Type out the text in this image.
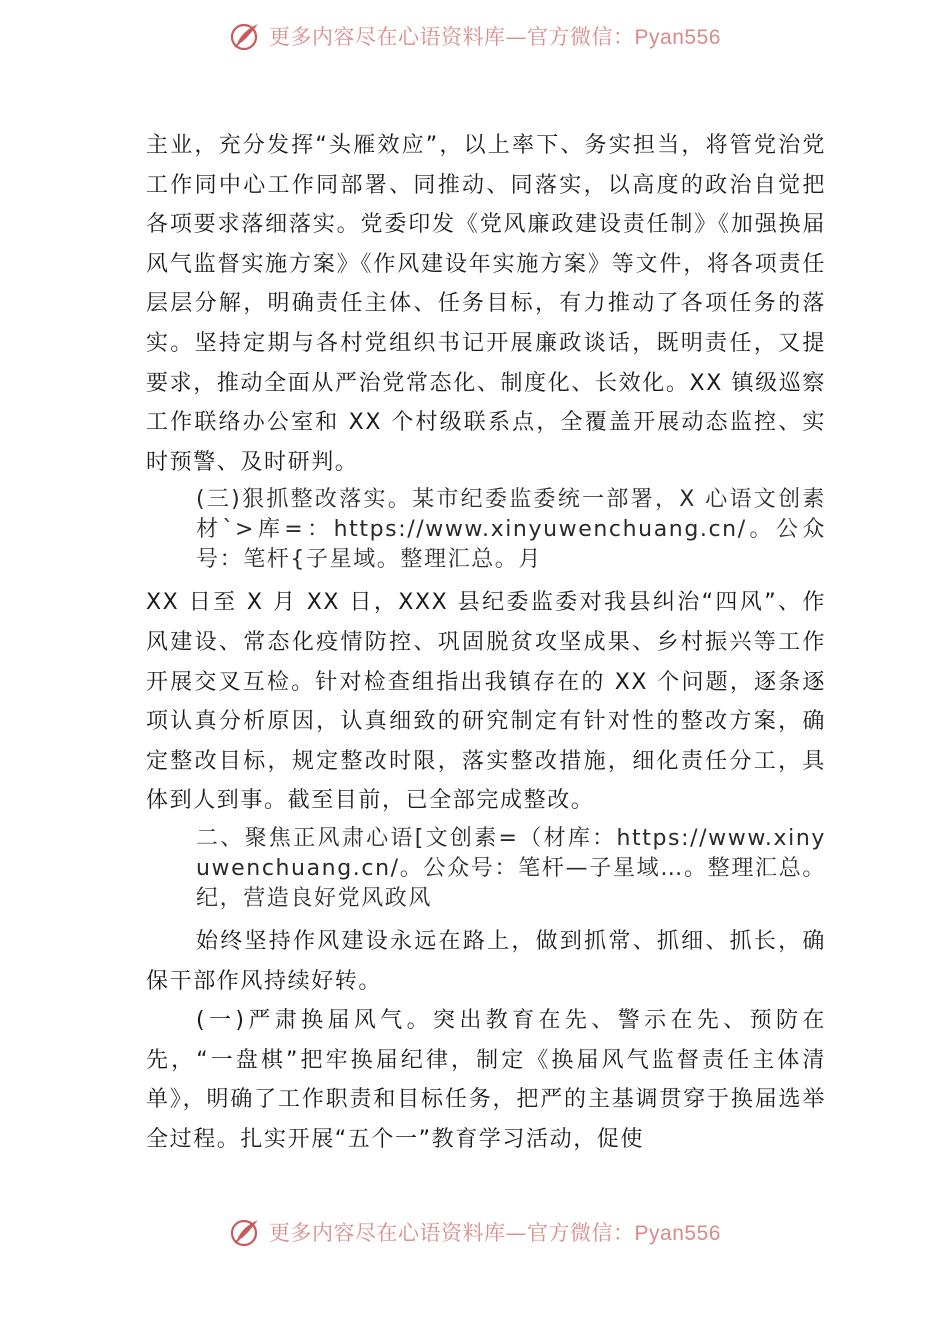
更多内容尽在心语资料库—官方微信：Pyan556

主业，充分发挥“头雁效应”，以上率下、务实担当，将管党治党工作同中心工作同部署、同推动、同落实，以高度的政治自觉把各项要求落细落实。党委印发《党风廉政建设责任制》《加强换届风气监督实施方案》《作风建设年实施方案》等文件，将各项责任层层分解，明确责任主体、任务目标，有力推动了各项任务的落实。坚持定期与各村党组织书记开展廉政谈话，既明责任，又提要求，推动全面从严治党常态化、制度化、长效化。XX 镇级巡察工作联络办公室和 XX 个村级联系点，全覆盖开展动态监控、实时预警、及时研判。

(三)狠抓整改落实。某市纪委监委统一部署，X 心语文创素材`>库=：https://www.xinyuwenchuang.cn/。公众号：笔杆{子星域。整理汇总。月

XX 日至 X 月 XX 日，XXX 县纪委监委对我县纠治“四风”、作风建设、常态化疫情防控、巩固脱贫攻坚成果、乡村振兴等工作开展交叉互检。针对检查组指出我镇存在的 XX 个问题，逐条逐项认真分析原因，认真细致的研究制定有针对性的整改方案，确定整改目标，规定整改时限，落实整改措施，细化责任分工，具体到人到事。截至目前，已全部完成整改。

二、聚焦正风肃心语[文创素=（材库：https://www.xinyuwenchuang.cn/。公众号：笔杆—子星域…。整理汇总。纪，营造良好党风政风

始终坚持作风建设永远在路上，做到抓常、抓细、抓长，确保干部作风持续好转。

(一)严肃换届风气。突出教育在先、警示在先、预防在先，“一盘棋”把牢换届纪律，制定《换届风气监督责任主体清单》，明确了工作职责和目标任务，把严的主基调贯穿于换届选举全过程。扎实开展“五个一”教育学习活动，促使

更多内容尽在心语资料库—官方微信：Pyan556
